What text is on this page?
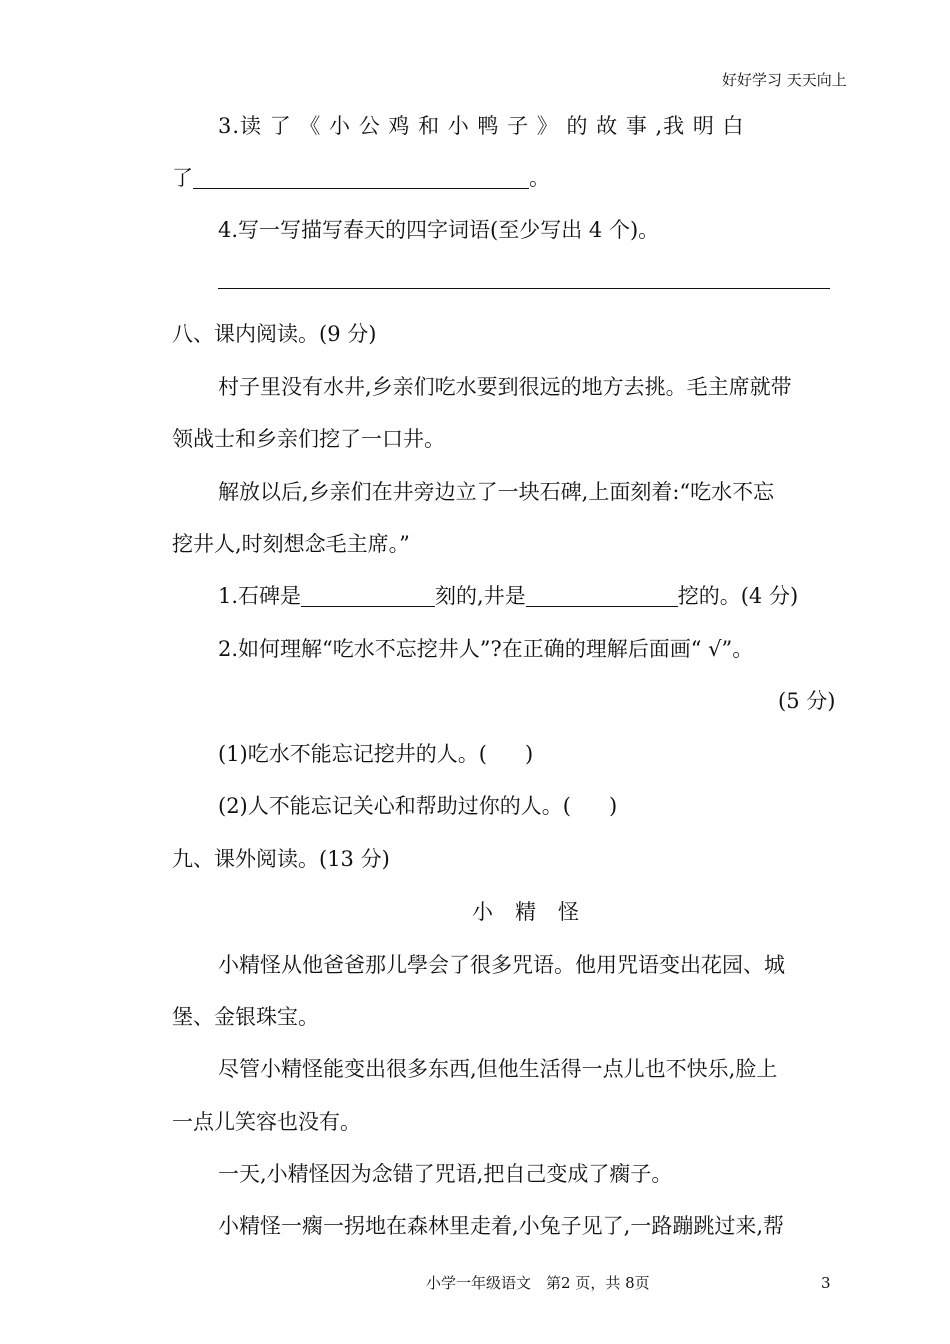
好好学习 天天向上
3.读 了 《 小 公 鸡 和 小 鸭 子 》 的 故 事 ,我 明 白
了	。
4.写一写描写春天的四字词语(至少写出 4 个)。
八、课内阅读。(9 分)
村子里没有水井,乡亲们吃水要到很远的地方去挑。毛主席就带
领战士和乡亲们挖了一口井。
解放以后,乡亲们在井旁边立了一块石碑,上面刻着:“吃水不忘
挖井人,时刻想念毛主席。”
1.石碑是	刻的,井是	挖的。(4 分)
2.如何理解“吃水不忘挖井人”?在正确的理解后面画“ √”。
(5 分)
(1)吃水不能忘记挖井的人。( )
(2)人不能忘记关心和帮助过你的人。( )
九、课外阅读。(13 分)
小精怪
小精怪从他爸爸那儿學会了很多咒语。他用咒语变出花园、城
堡、金银珠宝。
尽管小精怪能变出很多东西,但他生活得一点儿也不快乐,脸上
一点儿笑容也没有。
一天,小精怪因为念错了咒语,把自己变成了瘸子。
小精怪一瘸一拐地在森林里走着,小兔子见了,一路蹦跳过来,帮
小学一年级语文　第2 页，共 8页	3
